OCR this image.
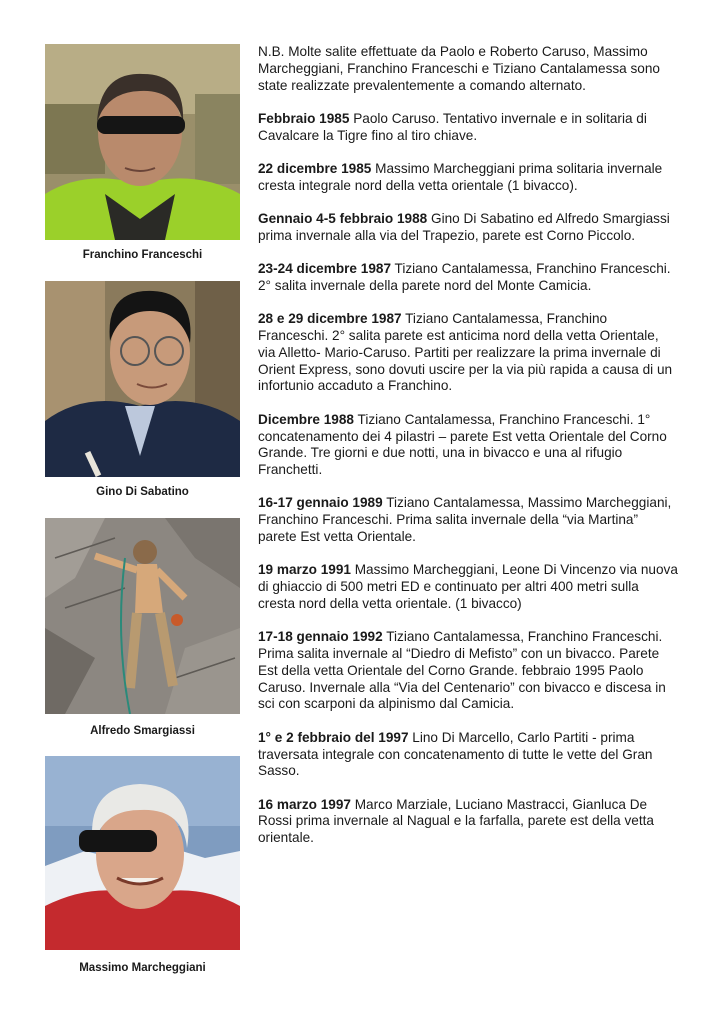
Franchino Franceschi
Gino Di Sabatino
Alfredo Smargiassi
Massimo Marcheggiani

N.B. Molte salite effettuate da Paolo e Roberto Caruso, Massimo Marcheggiani, Franchino Franceschi e Tiziano Cantalamessa sono state realizzate prevalentemente a comando alternato.

Febbraio 1985 Paolo Caruso. Tentativo invernale e in solitaria di Cavalcare la Tigre fino al tiro chiave.

22 dicembre 1985 Massimo Marcheggiani prima solitaria invernale cresta integrale nord della vetta orientale (1 bivacco).

Gennaio 4-5 febbraio 1988 Gino Di Sabatino ed Alfredo Smargiassi prima invernale alla via del Trapezio, parete est Corno Piccolo.

23-24 dicembre 1987 Tiziano Cantalamessa, Franchino Franceschi. 2° salita invernale della parete nord del Monte Camicia.

28 e 29 dicembre 1987 Tiziano Cantalamessa, Franchino Franceschi. 2° salita parete est anticima nord della vetta Orientale, via Alletto- Mario-Caruso. Partiti per realizzare la prima invernale di Orient Express, sono dovuti uscire per la via più rapida a causa di un infortunio accaduto a Franchino.

Dicembre 1988 Tiziano Cantalamessa, Franchino Franceschi. 1° concatenamento dei 4 pilastri – parete Est vetta Orientale del Corno Grande. Tre giorni e due notti, una in bivacco e una al rifugio Franchetti.

16-17 gennaio 1989 Tiziano Cantalamessa, Massimo Marcheggiani, Franchino Franceschi. Prima salita invernale della “via Martina” parete Est vetta Orientale.

19 marzo 1991 Massimo Marcheggiani, Leone Di Vincenzo via nuova di ghiaccio di 500 metri ED e continuato per altri 400 metri sulla cresta nord della vetta orientale. (1 bivacco)

17-18 gennaio 1992 Tiziano Cantalamessa, Franchino Franceschi. Prima salita invernale al “Diedro di Mefisto” con un bivacco. Parete Est della vetta Orientale del Corno Grande. febbraio 1995 Paolo Caruso. Invernale alla “Via del Centenario” con bivacco e discesa in sci con scarponi da alpinismo dal Camicia.

1° e 2 febbraio del 1997 Lino Di Marcello, Carlo Partiti - prima traversata integrale con concatenamento di tutte le vette del Gran Sasso.

16 marzo 1997 Marco Marziale, Luciano Mastracci, Gianluca De Rossi prima invernale al Nagual e la farfalla, parete est della vetta orientale.
